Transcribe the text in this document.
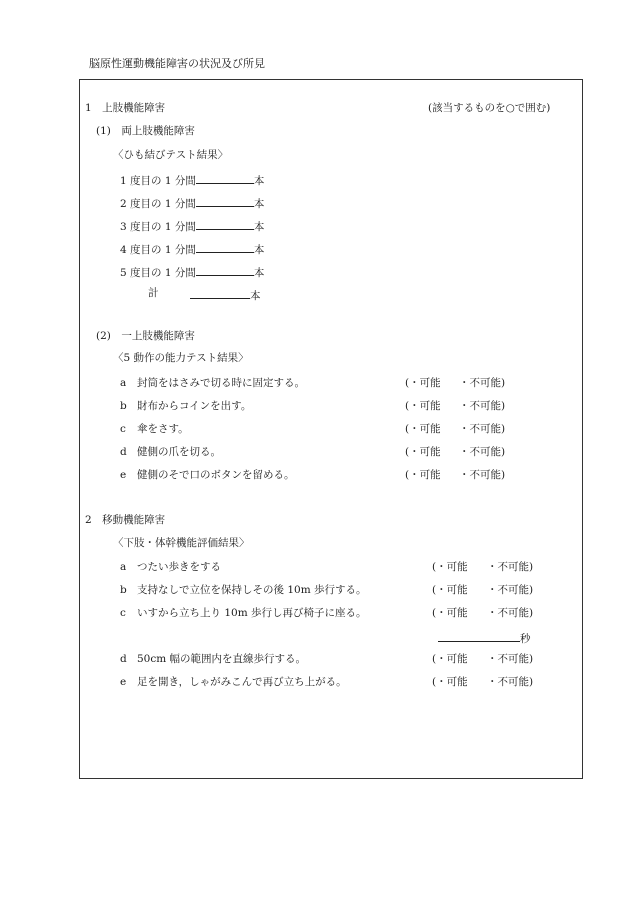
脳原性運動機能障害の状況及び所見
1　上肢機能障害	(該当するものを○で囲む)
(1)　両上肢機能障害
〈ひも結びテスト結果〉
1 度目の 1 分間	本
2 度目の 1 分間	本
3 度目の 1 分間	本
4 度目の 1 分間	本
5 度目の 1 分間	本
計	本
(2)　一上肢機能障害
〈5 動作の能力テスト結果〉
a 封筒をはさみで切る時に固定する。	(・可能 ・不可能)
b 財布からコインを出す。	(・可能 ・不可能)
c 傘をさす。	(・可能 ・不可能)
d 健側の爪を切る。	(・可能 ・不可能)
e 健側のそで口のボタンを留める。	(・可能 ・不可能)
2　移動機能障害
〈下肢・体幹機能評価結果〉
a つたい歩きをする	(・可能 ・不可能)
b 支持なしで立位を保持しその後 10m 歩行する。	(・可能 ・不可能)
c いすから立ち上り 10m 歩行し再び椅子に座る。	(・可能 ・不可能)
秒
d 50cm 幅の範囲内を直線歩行する。	(・可能 ・不可能)
e 足を開き，しゃがみこんで再び立ち上がる。	(・可能 ・不可能)
